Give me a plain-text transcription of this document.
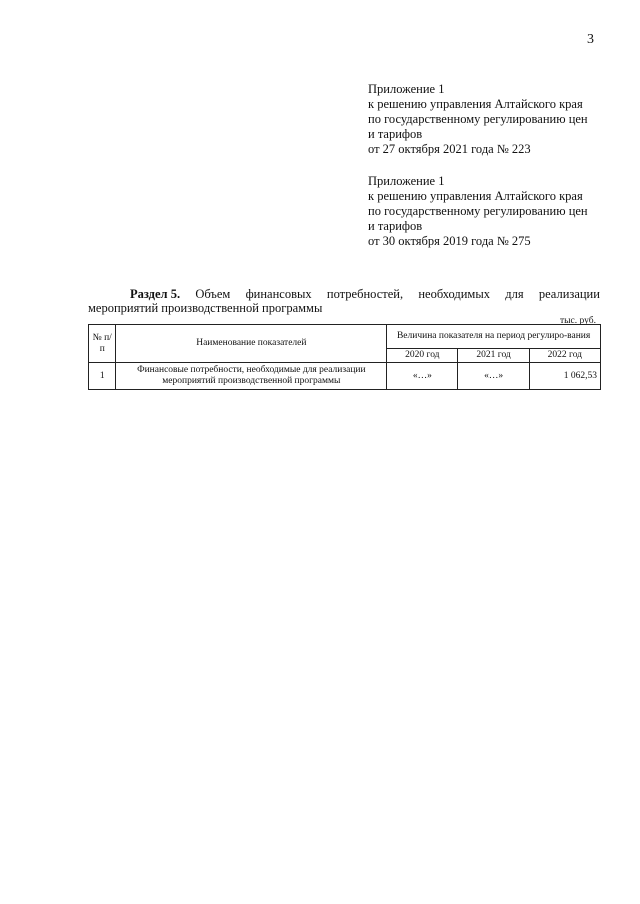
3
Приложение 1
к решению управления Алтайского края
по государственному регулированию цен
и тарифов
от 27 октября 2021 года № 223
Приложение 1
к решению управления Алтайского края
по государственному регулированию цен
и тарифов
от 30 октября 2019 года № 275
Раздел 5. Объем финансовых потребностей, необходимых для реализации
мероприятий производственной программы
тыс. руб.
№ п/п	Наименование показателей	Величина показателя на период регулиро-вания		
		2020 год	2021 год	2022 год
1	Финансовые потребности, необходимые для реализации мероприятий производственной программы	«…»	«…»	1 062,53
